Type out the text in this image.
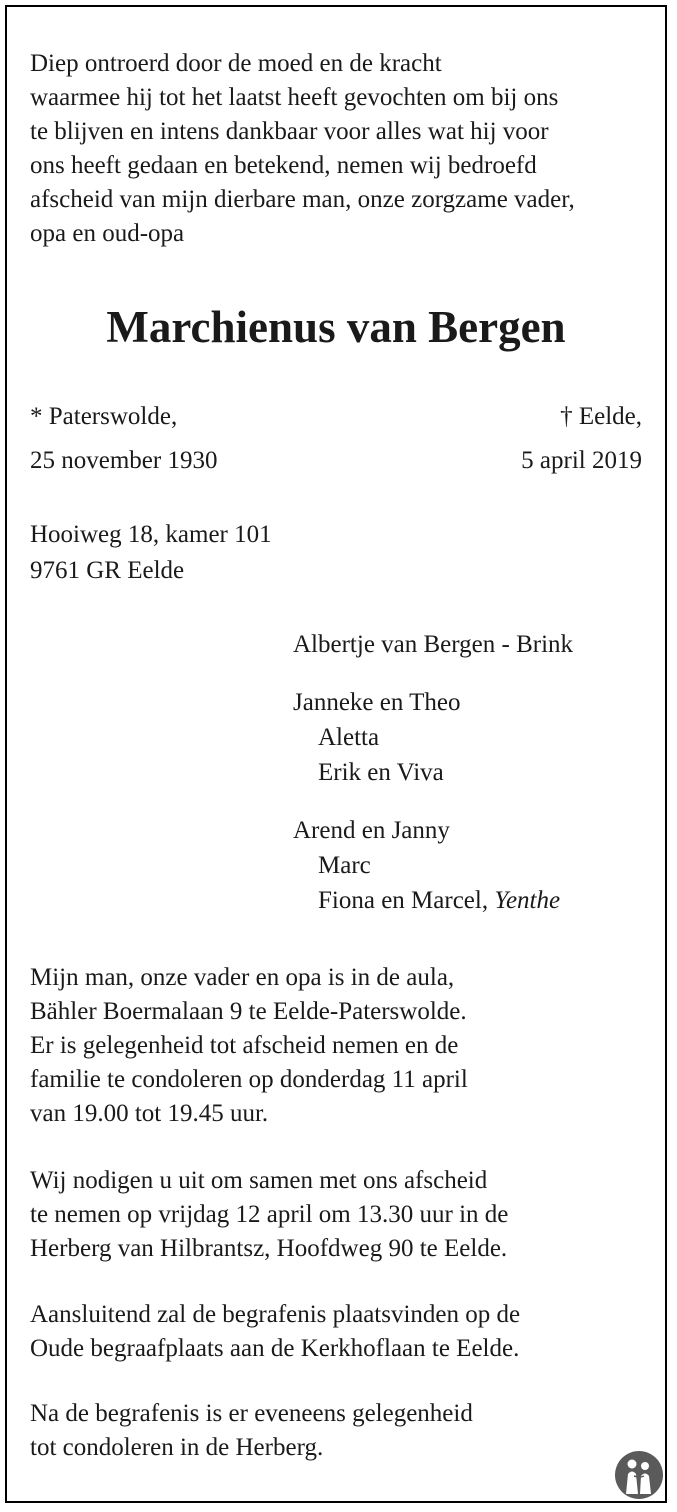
Diep ontroerd door de moed en de kracht
waarmee hij tot het laatst heeft gevochten om bij ons
te blijven en intens dankbaar voor alles wat hij voor
ons heeft gedaan en betekend, nemen wij bedroefd
afscheid van mijn dierbare man, onze zorgzame vader,
opa en oud-opa
Marchienus van Bergen
* Paterswolde,
25 november 1930
† Eelde,
5 april 2019
Hooiweg 18, kamer 101
9761 GR Eelde
Albertje van Bergen - Brink
Janneke en Theo
Aletta
Erik en Viva
Arend en Janny
Marc
Fiona en Marcel, Yenthe
Mijn man, onze vader en opa is in de aula,
Bähler Boermalaan 9 te Eelde-Paterswolde.
Er is gelegenheid tot afscheid nemen en de
familie te condoleren op donderdag 11 april
van 19.00 tot 19.45 uur.
Wij nodigen u uit om samen met ons afscheid
te nemen op vrijdag 12 april om 13.30 uur in de
Herberg van Hilbrantsz, Hoofdweg 90 te Eelde.
Aansluitend zal de begrafenis plaatsvinden op de
Oude begraafplaats aan de Kerkhoflaan te Eelde.
Na de begrafenis is er eveneens gelegenheid
tot condoleren in de Herberg.
